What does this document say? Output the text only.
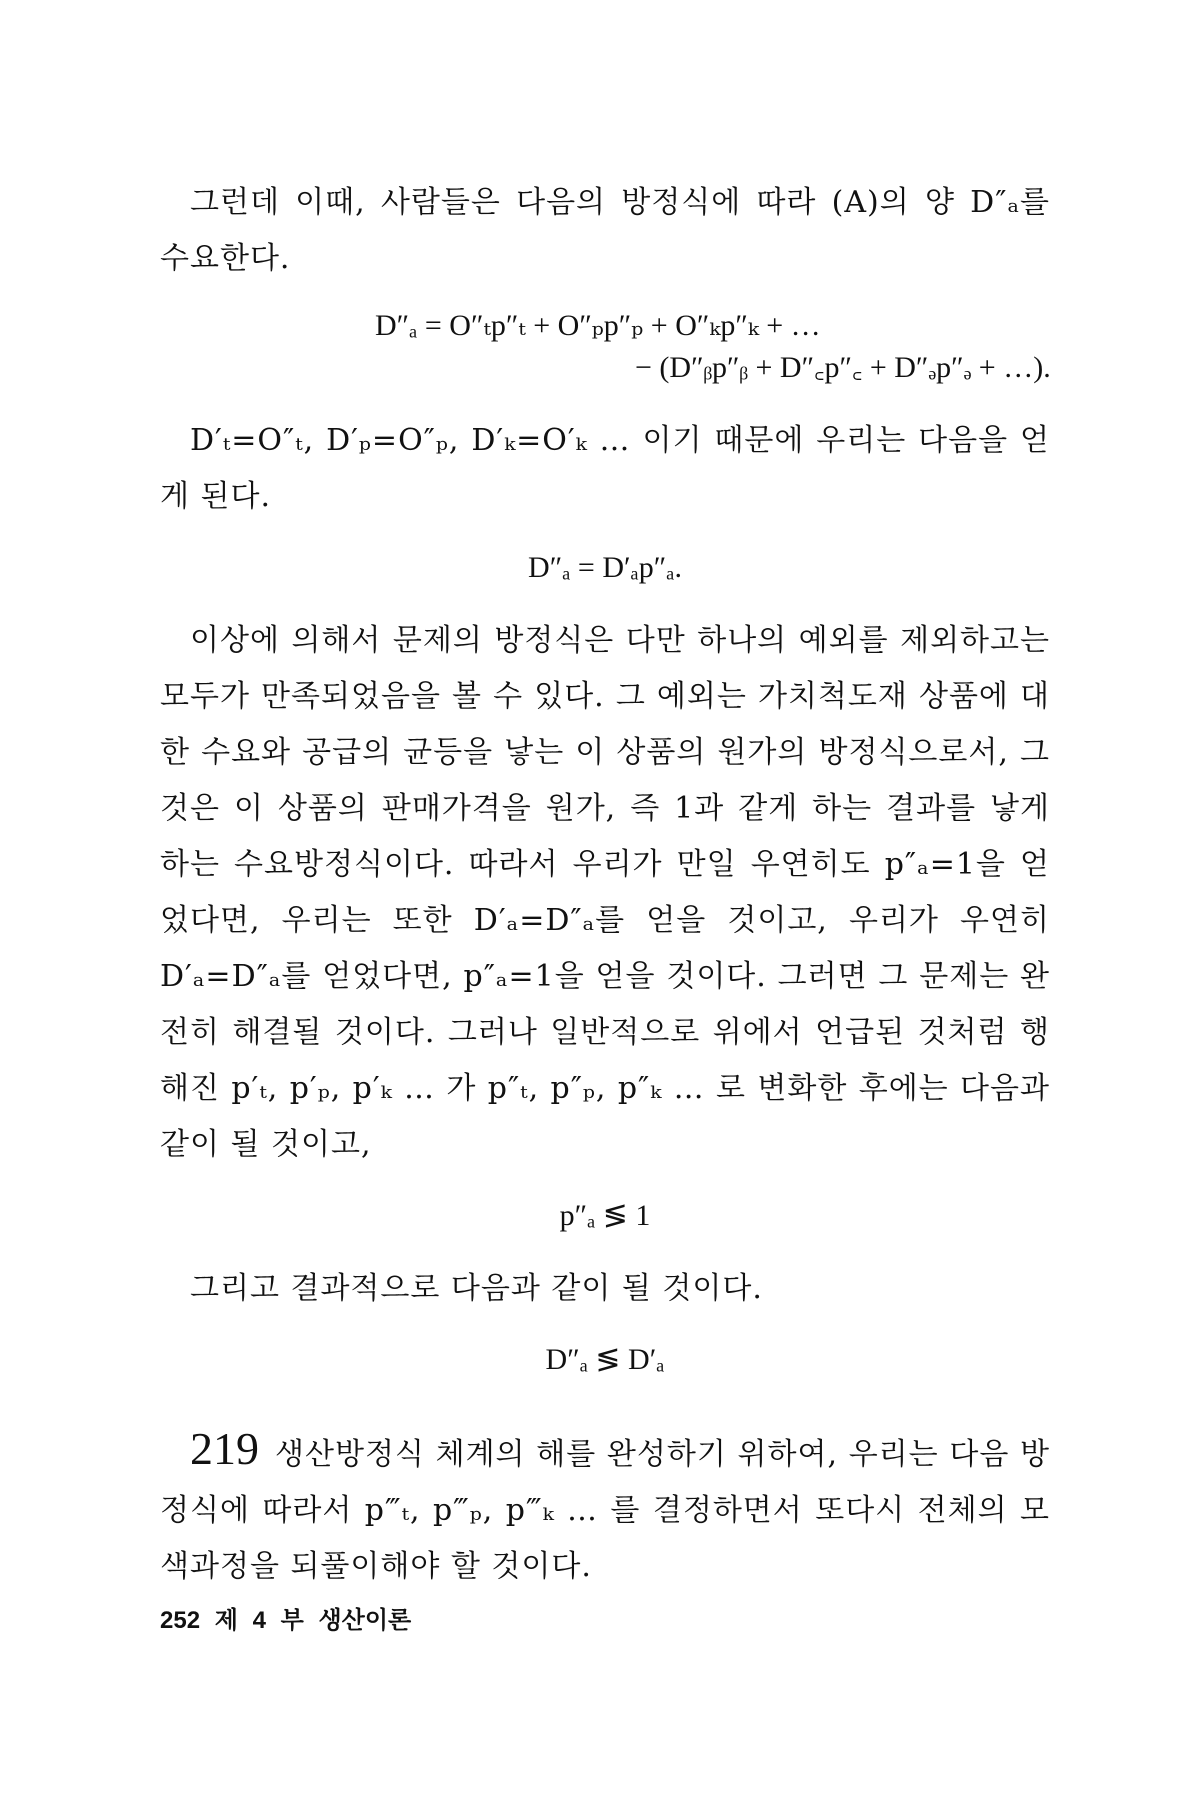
그런데 이때, 사람들은 다음의 방정식에 따라 (A)의 양 D″ₐ를 수요한다.

D″ₐ = O″ₜp″ₜ + O″ₚp″ₚ + O″ₖp″ₖ + …

− (D″ᵦp″ᵦ + D″꜀p″꜀ + D″ₔp″ₔ + …).

D′ₜ=O″ₜ, D′ₚ=O″ₚ, D′ₖ=O′ₖ … 이기 때문에 우리는 다음을 얻게 된다.

D″ₐ = D′ₐp″ₐ.

이상에 의해서 문제의 방정식은 다만 하나의 예외를 제외하고는 모두가 만족되었음을 볼 수 있다. 그 예외는 가치척도재 상품에 대한 수요와 공급의 균등을 낳는 이 상품의 원가의 방정식으로서, 그것은 이 상품의 판매가격을 원가, 즉 1과 같게 하는 결과를 낳게 하는 수요방정식이다. 따라서 우리가 만일 우연히도 p″ₐ=1을 얻었다면, 우리는 또한 D′ₐ=D″ₐ를 얻을 것이고, 우리가 우연히 D′ₐ=D″ₐ를 얻었다면, p″ₐ=1을 얻을 것이다. 그러면 그 문제는 완전히 해결될 것이다. 그러나 일반적으로 위에서 언급된 것처럼 행해진 p′ₜ, p′ₚ, p′ₖ … 가 p″ₜ, p″ₚ, p″ₖ … 로 변화한 후에는 다음과 같이 될 것이고,

p″ₐ ≶ 1

그리고 결과적으로 다음과 같이 될 것이다.

D″ₐ ≶ D′ₐ

219 생산방정식 체계의 해를 완성하기 위하여, 우리는 다음 방정식에 따라서 p‴ₜ, p‴ₚ, p‴ₖ … 를 결정하면서 또다시 전체의 모색과정을 되풀이해야 할 것이다.

252 제 4 부 생산이론
